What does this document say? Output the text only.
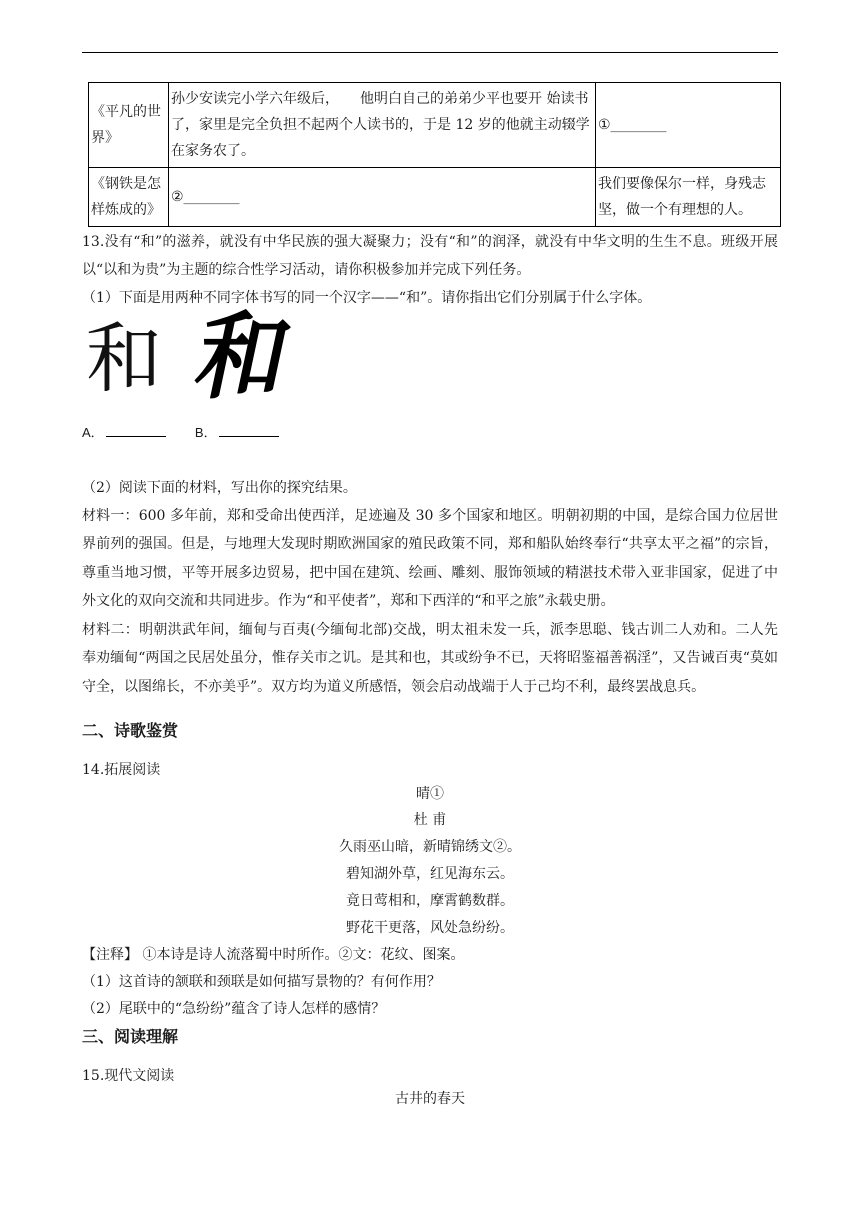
《平凡的世界》	孙少安读完小学六年级后，　　他明白自己的弟弟少平也要开 始读书了，家里是完全负担不起两个人读书的，于是 12 岁的他就主动辍学在家务农了。	①________
《钢铁是怎样炼成的》	②________	我们要像保尔一样，身残志坚，做一个有理想的人。
13.没有“和”的滋养，就没有中华民族的强大凝聚力；没有“和”的润泽，就没有中华文明的生生不息。班级开展以“以和为贵”为主题的综合性学习活动，请你积极参加并完成下列任务。
（1）下面是用两种不同字体书写的同一个汉字——“和”。请你指出它们分别属于什么字体。
和 和
A．	B．
（2）阅读下面的材料，写出你的探究结果。
材料一：600 多年前，郑和受命出使西洋，足迹遍及 30 多个国家和地区。明朝初期的中国，是综合国力位居世界前列的强国。但是，与地理大发现时期欧洲国家的殖民政策不同，郑和船队始终奉行“共享太平之福”的宗旨，尊重当地习惯，平等开展多边贸易，把中国在建筑、绘画、雕刻、服饰领域的精湛技术带入亚非国家，促进了中外文化的双向交流和共同进步。作为“和平使者”，郑和下西洋的“和平之旅”永载史册。
材料二：明朝洪武年间，缅甸与百夷(今缅甸北部)交战，明太祖未发一兵，派李思聪、钱古训二人劝和。二人先奉劝缅甸“两国之民居处虽分，惟存关市之讥。是其和也，其或纷争不已，天将昭鉴福善祸淫”，又告诫百夷“莫如守全，以图绵长，不亦美乎”。双方均为道义所感悟，领会启动战端于人于己均不利，最终罢战息兵。
二、诗歌鉴赏
14.拓展阅读
晴①
杜 甫
久雨巫山暗，新晴锦绣文②。
碧知湖外草，红见海东云。
竟日莺相和，摩霄鹤数群。
野花干更落，风处急纷纷。
【注释】 ①本诗是诗人流落蜀中时所作。②文：花纹、图案。
（1）这首诗的颔联和颈联是如何描写景物的？有何作用？
（2）尾联中的“急纷纷”蕴含了诗人怎样的感情？
三、阅读理解
15.现代文阅读
古井的春天
